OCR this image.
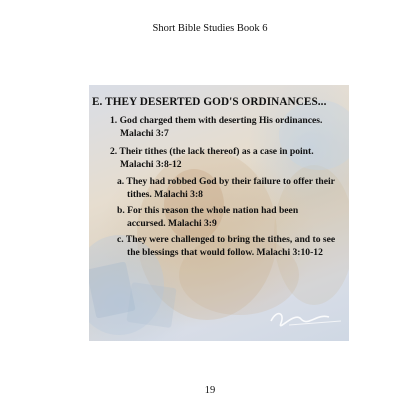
Short Bible Studies Book 6
E. THEY DESERTED GOD'S ORDINANCES...
1. God charged them with deserting His ordinances.
Malachi 3:7
2. Their tithes (the lack thereof) as a case in point.
Malachi 3:8-12
a. They had robbed God by their failure to offer their
tithes. Malachi 3:8
b. For this reason the whole nation had been
accursed. Malachi 3:9
c. They were challenged to bring the tithes, and to see
the blessings that would follow. Malachi 3:10-12
19
